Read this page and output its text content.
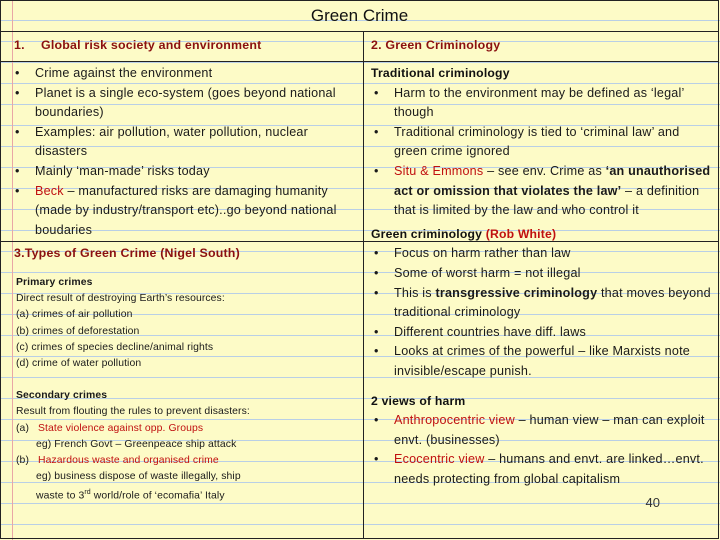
Green Crime
1. Global risk society and environment	2. Green Criminology
• Crime against the environment
• Planet is a single eco-system (goes beyond national boundaries)
• Examples: air pollution, water pollution, nuclear disasters
• Mainly ‘man-made’ risks today
• Beck – manufactured risks are damaging humanity (made by industry/transport etc)..go beyond national boudaries

Traditional criminology

• Harm to the environment may be defined as ‘legal’ though
• Traditional criminology is tied to ‘criminal law’ and green crime ignored
• Situ & Emmons – see env. Crime as ‘an unauthorised act or omission that violates the law’ – a definition that is limited by the law and who control it

Green criminology (Rob White)

• Focus on harm rather than law
• Some of worst harm = not illegal
• This is transgressive criminology that moves beyond traditional criminology
• Different countries have diff. laws
• Looks at crimes of the powerful – like Marxists note invisible/escape punish.

2 views of harm

• Anthropocentric view – human view – man can exploit envt. (businesses)
• Ecocentric view – humans and envt. are linked…envt. needs protecting from global capitalism
3.Types of Green Crime (Nigel South)

Primary crimes

Direct result of destroying Earth’s resources:

(a) crimes of air pollution

(b) crimes of deforestation

(c) crimes of species decline/animal rights

(d) crime of water pollution

Secondary crimes

Result from flouting the rules to prevent disasters:

(a) State violence against opp. Groups

eg) French Govt – Greenpeace ship attack

(b) Hazardous waste and organised crime

eg) business dispose of waste illegally, ship

waste to 3rd world/role of ‘ecomafia’ Italy	40
